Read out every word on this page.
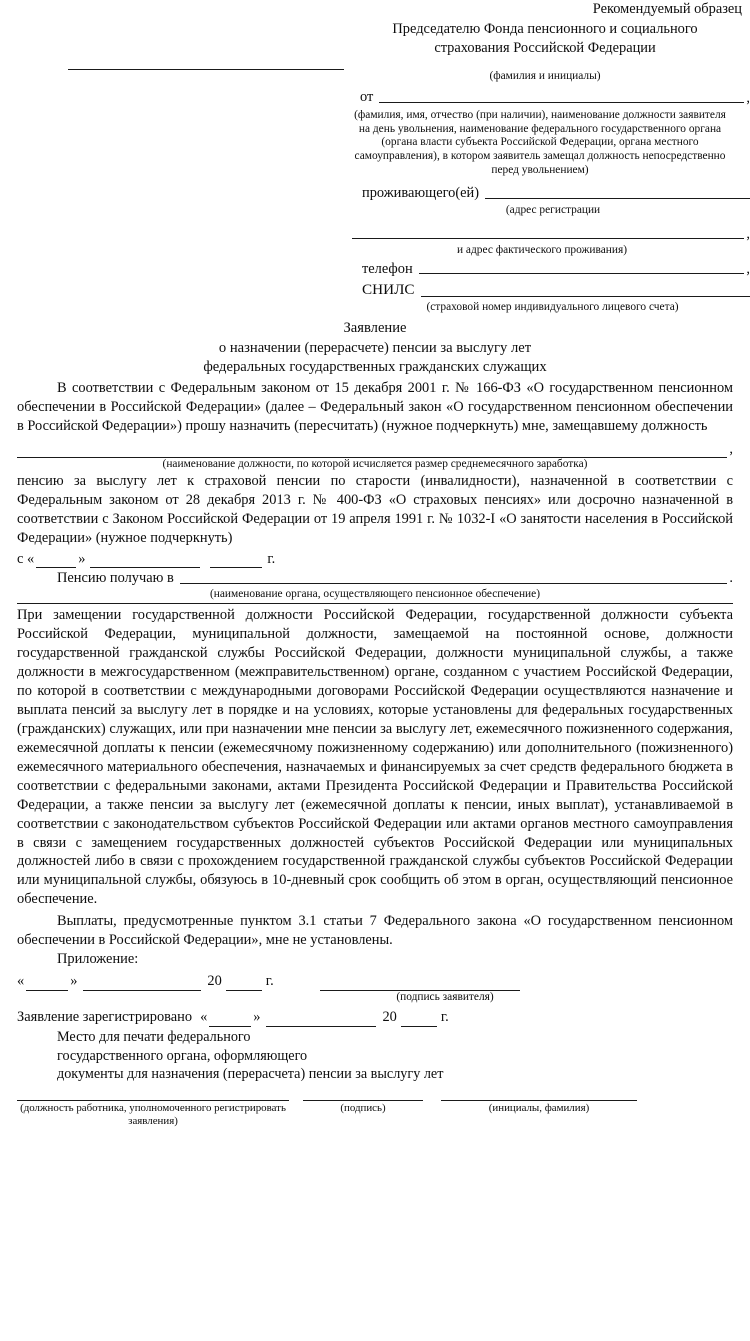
Рекомендуемый образец
Председателю Фонда пенсионного и социального
страхования Российской Федерации
(фамилия и инициалы)
от	,
(фамилия, имя, отчество (при наличии), наименование должности заявителя на день увольнения, наименование федерального государственного органа (органа власти субъекта Российской Федерации, органа местного самоуправления), в котором заявитель замещал должность непосредственно перед увольнением)
проживающего(ей)
(адрес регистрации
,
и адрес фактического проживания)
телефон	,
СНИЛС
(страховой номер индивидуального лицевого счета)
Заявление
о назначении (перерасчете) пенсии за выслугу лет
федеральных государственных гражданских служащих
В соответствии с Федеральным законом от 15 декабря 2001 г. № 166-ФЗ «О государственном пенсионном обеспечении в Российской Федерации» (далее – Федеральный закон «О государственном пенсионном обеспечении в Российской Федерации») прошу назначить (пересчитать) (нужное подчеркнуть) мне, замещавшему должность
,
(наименование должности, по которой исчисляется размер среднемесячного заработка)
пенсию за выслугу лет к страховой пенсии по старости (инвалидности), назначенной в соответствии с Федеральным законом от 28 декабря 2013 г. № 400-ФЗ «О страховых пенсиях» или досрочно назначенной в соответствии с Законом Российской Федерации от 19 апреля 1991 г. № 1032-I «О занятости населения в Российской Федерации» (нужное подчеркнуть)
с «	»	г.
Пенсию получаю в	.
(наименование органа, осуществляющего пенсионное обеспечение)
При замещении государственной должности Российской Федерации, государственной должности субъекта Российской Федерации, муниципальной должности, замещаемой на постоянной основе, должности государственной гражданской службы Российской Федерации, должности муниципальной службы, а также должности в межгосударственном (межправительственном) органе, созданном с участием Российской Федерации, по которой в соответствии с международными договорами Российской Федерации осуществляются назначение и выплата пенсий за выслугу лет в порядке и на условиях, которые установлены для федеральных государственных (гражданских) служащих, или при назначении мне пенсии за выслугу лет, ежемесячного пожизненного содержания, ежемесячной доплаты к пенсии (ежемесячному пожизненному содержанию) или дополнительного (пожизненного) ежемесячного материального обеспечения, назначаемых и финансируемых за счет средств федерального бюджета в соответствии с федеральными законами, актами Президента Российской Федерации и Правительства Российской Федерации, а также пенсии за выслугу лет (ежемесячной доплаты к пенсии, иных выплат), устанавливаемой в соответствии с законодательством субъектов Российской Федерации или актами органов местного самоуправления в связи с замещением государственных должностей субъектов Российской Федерации или муниципальных должностей либо в связи с прохождением государственной гражданской службы субъектов Российской Федерации или муниципальной службы, обязуюсь в 10-дневный срок сообщить об этом в орган, осуществляющий пенсионное обеспечение.
Выплаты, предусмотренные пунктом 3.1 статьи 7 Федерального закона «О государственном пенсионном обеспечении в Российской Федерации», мне не установлены.
Приложение:
«	»	20	г.
(подпись заявителя)
Заявление зарегистрировано «	»	20	г.
Место для печати федерального
государственного органа, оформляющего
документы для назначения (перерасчета) пенсии за выслугу лет
(должность работника, уполномоченного регистрировать заявления)
(подпись)	(инициалы, фамилия)
